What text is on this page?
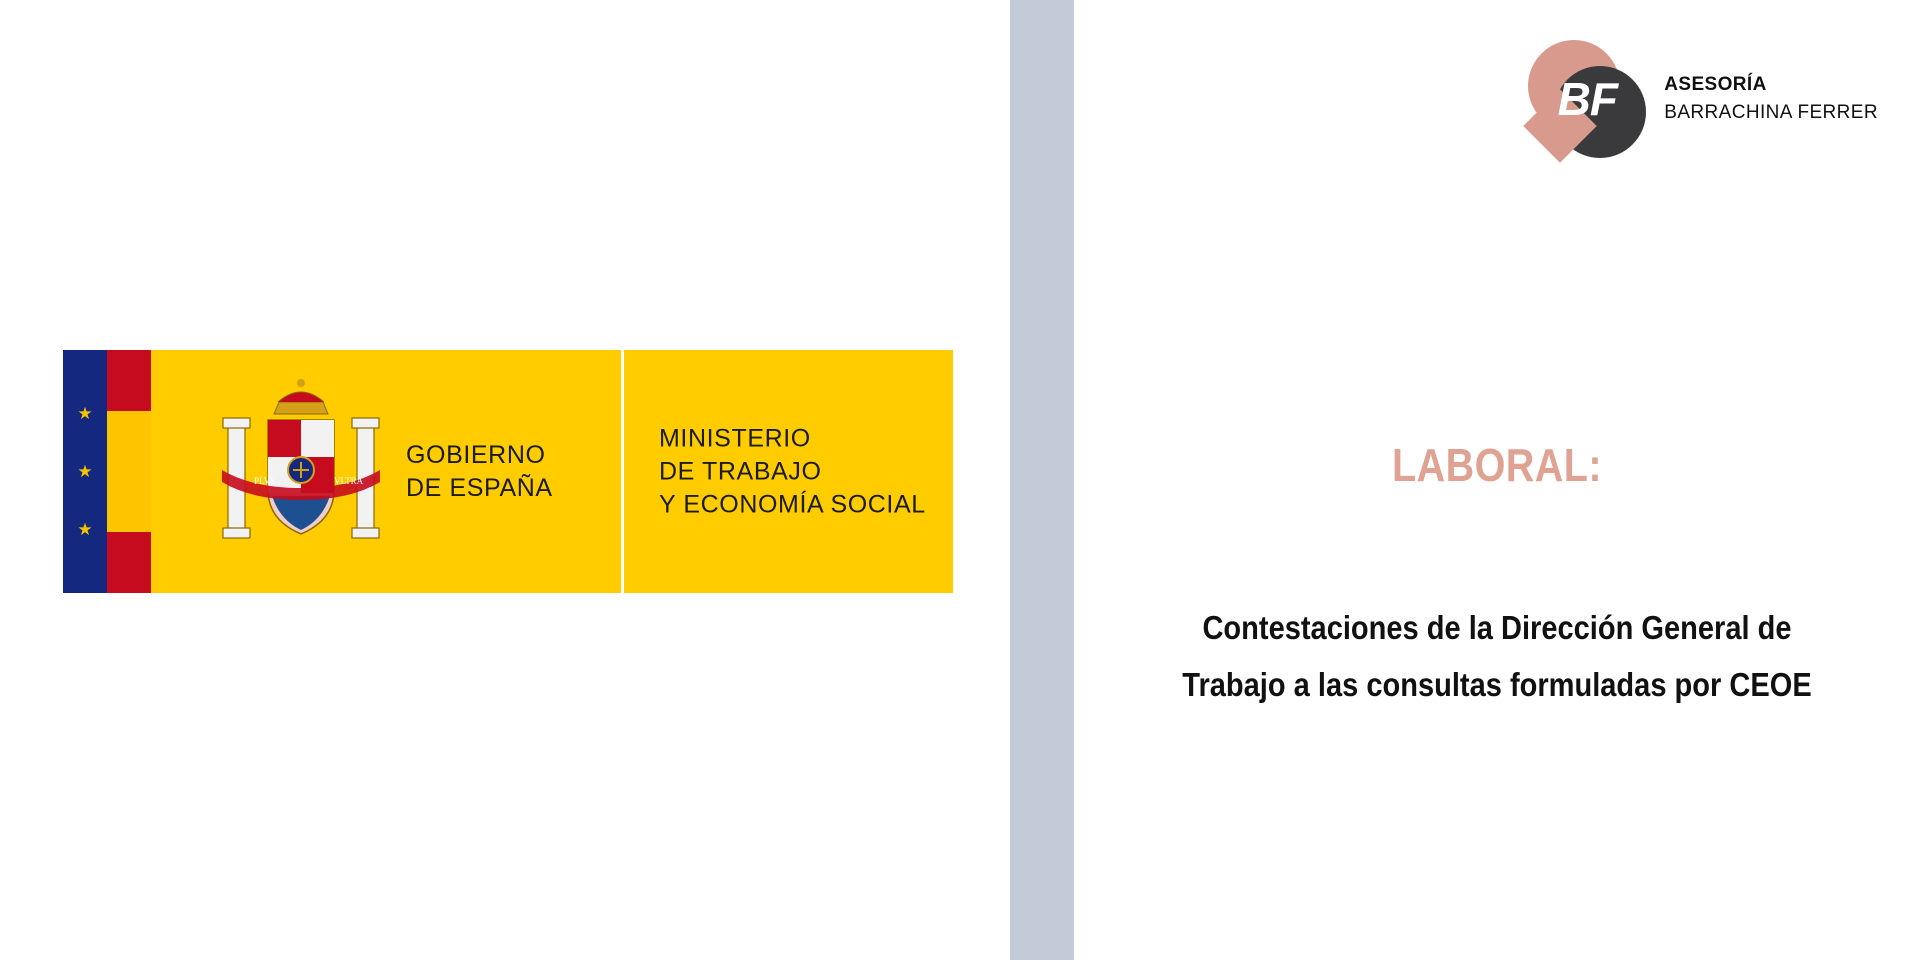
★
★
★
PLVS	VLTRA
GOBIERNO
DE ESPAÑA
MINISTERIO
DE TRABAJO
Y ECONOMÍA SOCIAL
BF	ASESORÍA
BARRACHINA FERRER
LABORAL:
Contestaciones de la Dirección General de
Trabajo a las consultas formuladas por CEOE
